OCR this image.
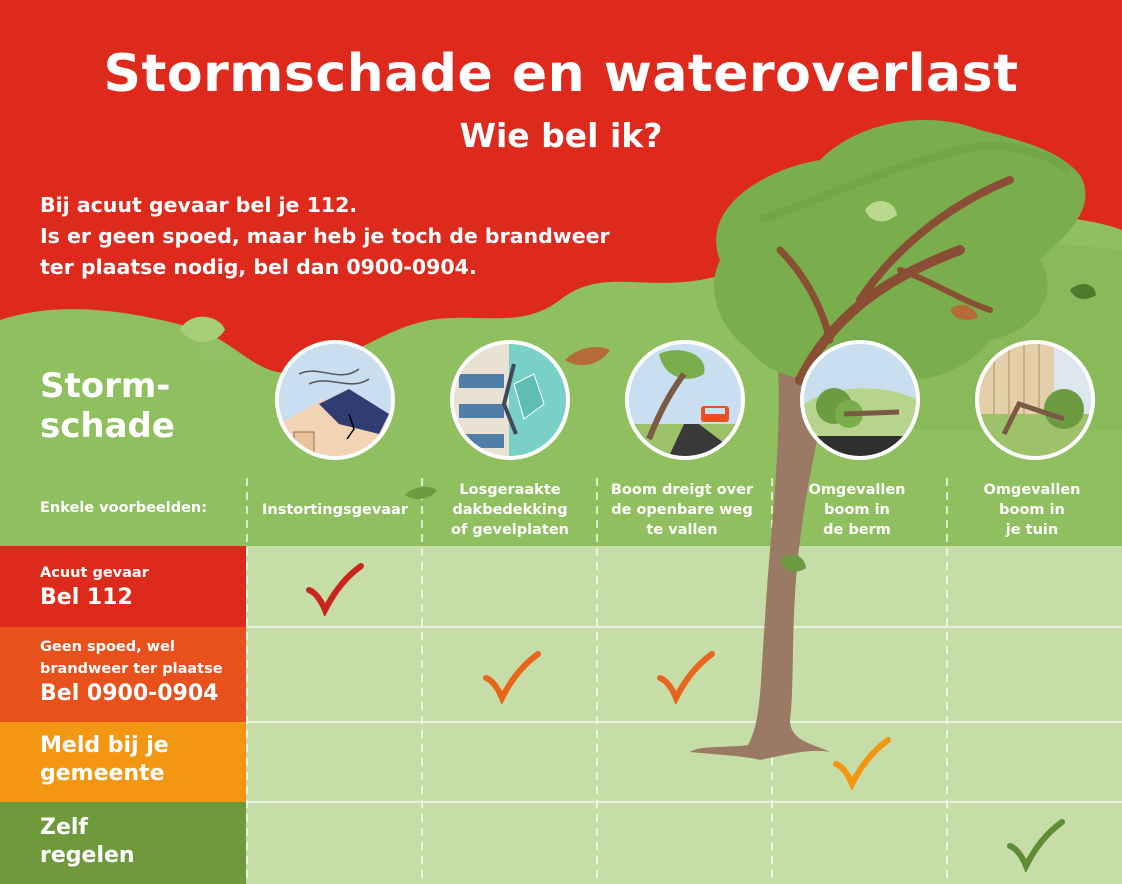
Stormschade en wateroverlast
Wie bel ik?
Bij acuut gevaar bel je 112.
Is er geen spoed, maar heb je toch de brandweer
ter plaatse nodig, bel dan 0900-0904.
Storm-
schade
Enkele voorbeelden:	Instortingsgevaar
Losgeraakte
dakbedekking
of gevelplaten
Boom dreigt over
de openbare weg
te vallen
Omgevallen
boom in
de berm
Omgevallen
boom in
je tuin
Acuut gevaar
Bel 112
Geen spoed, wel
brandweer ter plaatse
Bel 0900-0904
Meld bij je
gemeente
Zelf
regelen
